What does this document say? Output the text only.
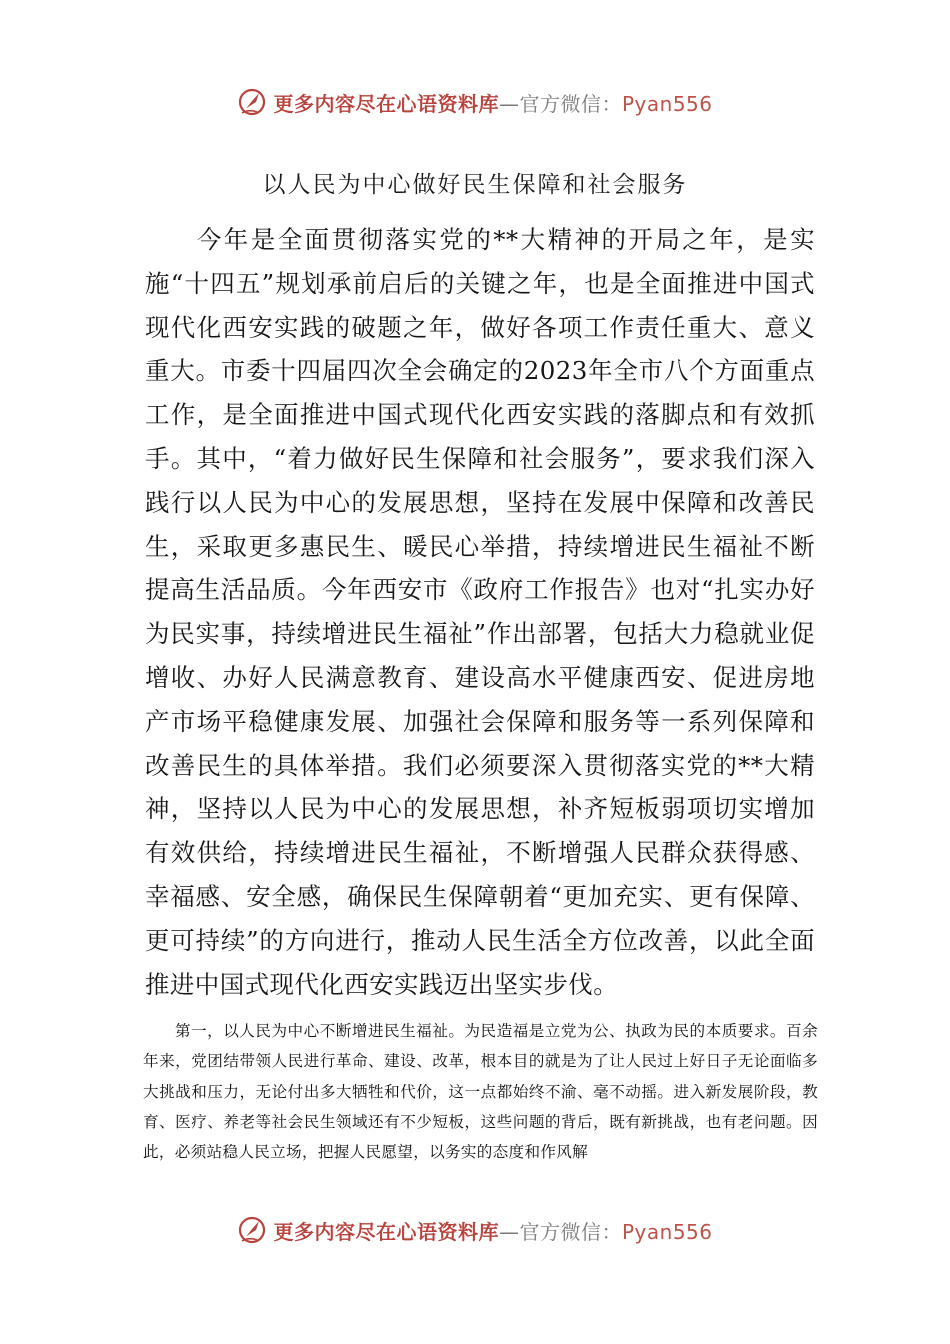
更多内容尽在心语资料库—官方微信：Pyan556
以人民为中心做好民生保障和社会服务

  今年是全面贯彻落实党的**大精神的开局之年，是实施“十四五”规划承前启后的关键之年，也是全面推进中国式现代化西安实践的破题之年，做好各项工作责任重大、意义重大。市委十四届四次全会确定的2023年全市八个方面重点工作，是全面推进中国式现代化西安实践的落脚点和有效抓手。其中，“着力做好民生保障和社会服务”，要求我们深入践行以人民为中心的发展思想，坚持在发展中保障和改善民生，采取更多惠民生、暖民心举措，持续增进民生福祉不断提高生活品质。今年西安市《政府工作报告》也对“扎实办好为民实事，持续增进民生福祉”作出部署，包括大力稳就业促增收、办好人民满意教育、建设高水平健康西安、促进房地产市场平稳健康发展、加强社会保障和服务等一系列保障和改善民生的具体举措。我们必须要深入贯彻落实党的**大精神，坚持以人民为中心的发展思想，补齐短板弱项切实增加有效供给，持续增进民生福祉，不断增强人民群众获得感、幸福感、安全感，确保民生保障朝着“更加充实、更有保障、更可持续”的方向进行，推动人民生活全方位改善，以此全面推进中国式现代化西安实践迈出坚实步伐。

  第一，以人民为中心不断增进民生福祉。为民造福是立党为公、执政为民的本质要求。百余年来，党团结带领人民进行革命、建设、改革，根本目的就是为了让人民过上好日子无论面临多大挑战和压力，无论付出多大牺牲和代价，这一点都始终不渝、毫不动摇。进入新发展阶段，教育、医疗、养老等社会民生领域还有不少短板，这些问题的背后，既有新挑战，也有老问题。因此，必须站稳人民立场，把握人民愿望，以务实的态度和作风解

更多内容尽在心语资料库—官方微信：Pyan556
